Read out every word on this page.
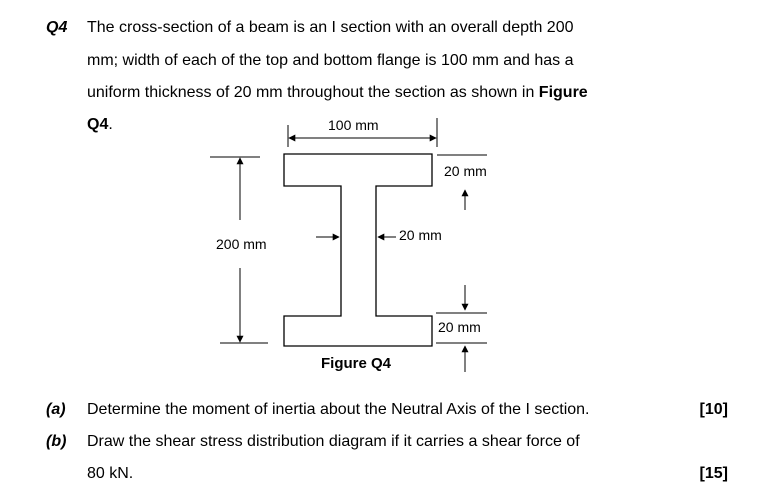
Q4 The cross-section of a beam is an I section with an overall depth 200
mm; width of each of the top and bottom flange is 100 mm and has a
uniform thickness of 20 mm throughout the section as shown in Figure
Q4.	100 mm
200 mm
20 mm
20 mm
20 mm
Figure Q4
(a) Determine the moment of inertia about the Neutral Axis of the I section.	[10]
(b) Draw the shear stress distribution diagram if it carries a shear force of
80 kN.	[15]
